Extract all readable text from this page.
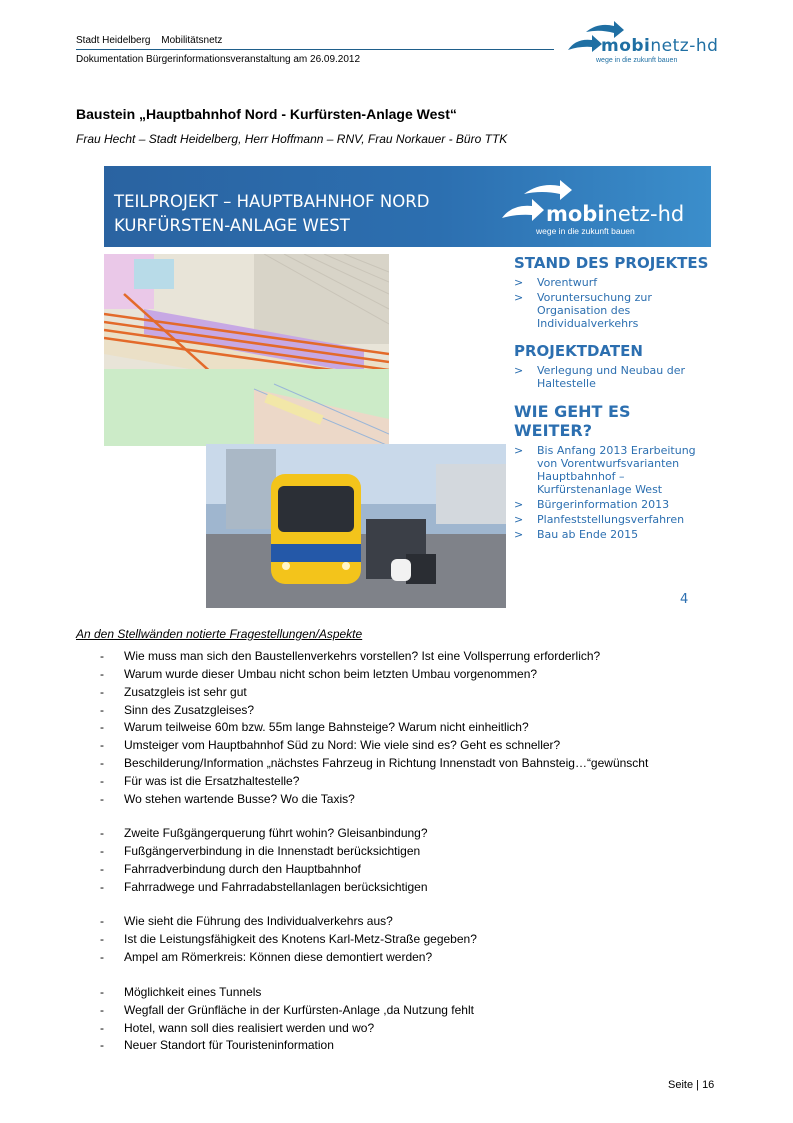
Stadt Heidelberg Mobilitätsnetz
Dokumentation Bürgerinformationsveranstaltung am 26.09.2012
mobinetz-hd
wege in die zukunft bauen
Baustein „Hauptbahnhof Nord - Kurfürsten-Anlage West“
Frau Hecht – Stadt Heidelberg, Herr Hoffmann – RNV, Frau Norkauer - Büro TTK
TEILPROJEKT – HAUPTBAHNHOF NORD
KURFÜRSTEN-ANLAGE WEST	mobinetz-hd
wege in die zukunft bauen
STAND DES PROJEKTES
> Vorentwurf
> Voruntersuchung zur Organisation des Individualverkehrs
PROJEKTDATEN
> Verlegung und Neubau der Haltestelle
WIE GEHT ES WEITER?
> Bis Anfang 2013 Erarbeitung von Vorentwurfsvarianten Hauptbahnhof – Kurfürstenanlage West
> Bürgerinformation 2013
> Planfeststellungsverfahren
> Bau ab Ende 2015
4
An den Stellwänden notierte Fragestellungen/Aspekte
- Wie muss man sich den Baustellenverkehrs vorstellen? Ist eine Vollsperrung erforderlich?
- Warum wurde dieser Umbau nicht schon beim letzten Umbau vorgenommen?
- Zusatzgleis ist sehr gut
- Sinn des Zusatzgleises?
- Warum teilweise 60m bzw. 55m lange Bahnsteige? Warum nicht einheitlich?
- Umsteiger vom Hauptbahnhof Süd zu Nord: Wie viele sind es? Geht es schneller?
- Beschilderung/Information „nächstes Fahrzeug in Richtung Innenstadt von Bahnsteig…“gewünscht
- Für was ist die Ersatzhaltestelle?
- Wo stehen wartende Busse? Wo die Taxis?
- Zweite Fußgängerquerung führt wohin? Gleisanbindung?
- Fußgängerverbindung in die Innenstadt berücksichtigen
- Fahrradverbindung durch den Hauptbahnhof
- Fahrradwege und Fahrradabstellanlagen berücksichtigen
- Wie sieht die Führung des Individualverkehrs aus?
- Ist die Leistungsfähigkeit des Knotens Karl-Metz-Straße gegeben?
- Ampel am Römerkreis: Können diese demontiert werden?
- Möglichkeit eines Tunnels
- Wegfall der Grünfläche in der Kurfürsten-Anlage ,da Nutzung fehlt
- Hotel, wann soll dies realisiert werden und wo?
- Neuer Standort für Touristeninformation
Seite | 16
